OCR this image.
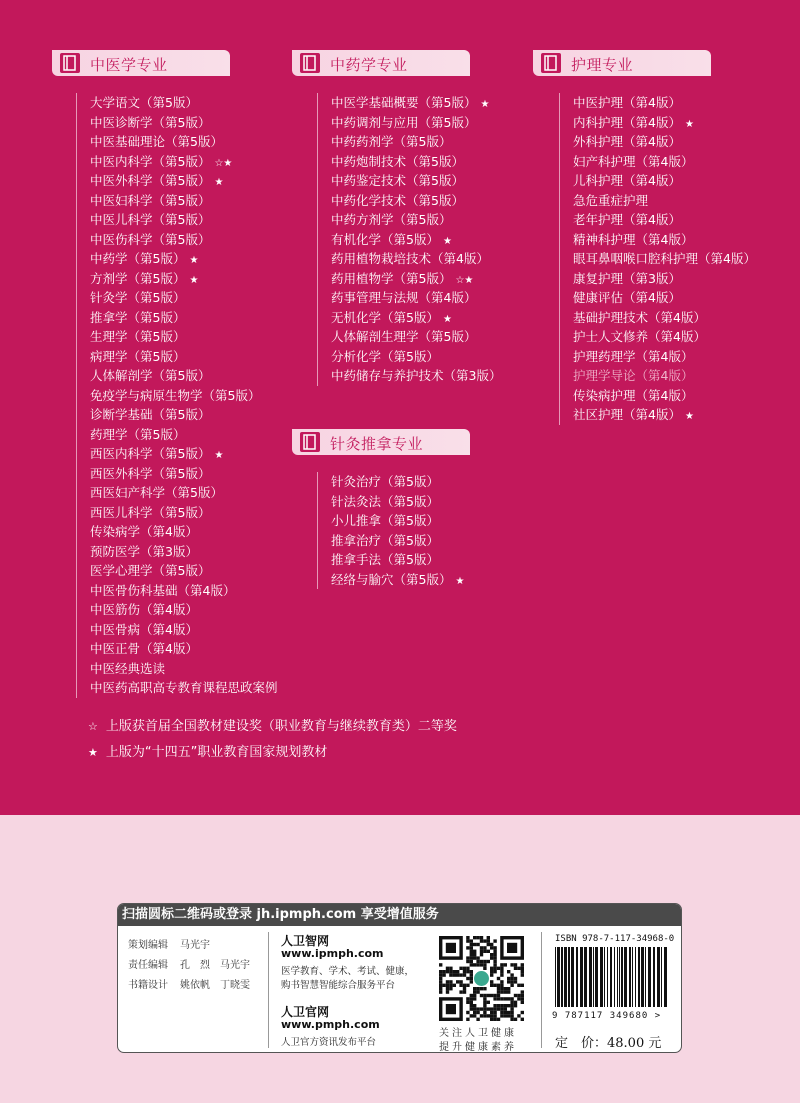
中医学专业	中药学专业
针灸推拿专业
护理专业
大学语文（第5版）
中医诊断学（第5版）
中医基础理论（第5版）
中医内科学（第5版） ☆★
中医外科学（第5版） ★
中医妇科学（第5版）
中医儿科学（第5版）
中医伤科学（第5版）
中药学（第5版） ★
方剂学（第5版） ★
针灸学（第5版）
推拿学（第5版）
生理学（第5版）
病理学（第5版）
人体解剖学（第5版）
免疫学与病原生物学（第5版）
诊断学基础（第5版）
药理学（第5版）
西医内科学（第5版） ★
西医外科学（第5版）
西医妇产科学（第5版）
西医儿科学（第5版）
传染病学（第4版）
预防医学（第3版）
医学心理学（第5版）
中医骨伤科基础（第4版）
中医筋伤（第4版）
中医骨病（第4版）
中医正骨（第4版）
中医经典选读
中医药高职高专教育课程思政案例
中医学基础概要（第5版） ★
中药调剂与应用（第5版）
中药药剂学（第5版）
中药炮制技术（第5版）
中药鉴定技术（第5版）
中药化学技术（第5版）
中药方剂学（第5版）
有机化学（第5版） ★
药用植物栽培技术（第4版）
药用植物学（第5版） ☆★
药事管理与法规（第4版）
无机化学（第5版） ★
人体解剖生理学（第5版）
分析化学（第5版）
中药储存与养护技术（第3版）
针灸治疗（第5版）
针法灸法（第5版）
小儿推拿（第5版）
推拿治疗（第5版）
推拿手法（第5版）
经络与腧穴（第5版） ★
中医护理（第4版）
内科护理（第4版） ★
外科护理（第4版）
妇产科护理（第4版）
儿科护理（第4版）
急危重症护理
老年护理（第4版）
精神科护理（第4版）
眼耳鼻咽喉口腔科护理（第4版）
康复护理（第3版）
健康评估（第4版）
基础护理技术（第4版）
护士人文修养（第4版）
护理药理学（第4版）
护理学导论（第4版）
传染病护理（第4版）
社区护理（第4版） ★
☆ 上版获首届全国教材建设奖（职业教育与继续教育类）二等奖
★ 上版为“十四五”职业教育国家规划教材
扫描圆标二维码或登录 jh.ipmph.com 享受增值服务
策划编辑 马光宇
责任编辑 孔　烈　马光宇
书籍设计 姚依帆　丁晓雯
人卫智网
www.ipmph.com
医学教育、学术、考试、健康，
购书智慧智能综合服务平台
人卫官网
www.pmph.com
人卫官方资讯发布平台
关注人卫健康
提升健康素养
ISBN 978-7-117-34968-0
9 787117 349680 >
定　价：48.00 元
